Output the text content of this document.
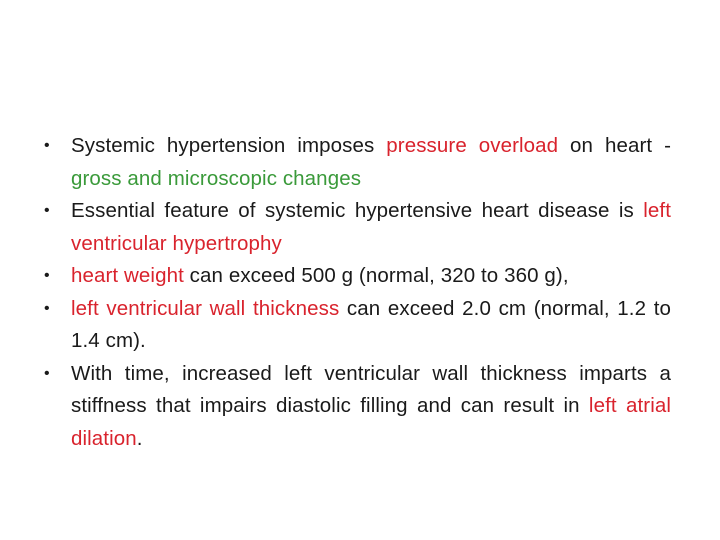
•	Systemic hypertension imposes pressure overload on heart - gross and microscopic changes
•	Essential feature of systemic hypertensive heart disease is left ventricular hypertrophy
•	heart weight can exceed 500 g (normal, 320 to 360 g),
•	left ventricular wall thickness can exceed 2.0 cm (normal, 1.2 to 1.4 cm).
•	With time, increased left ventricular wall thickness imparts a stiffness that impairs diastolic filling and can result in left atrial dilation.
